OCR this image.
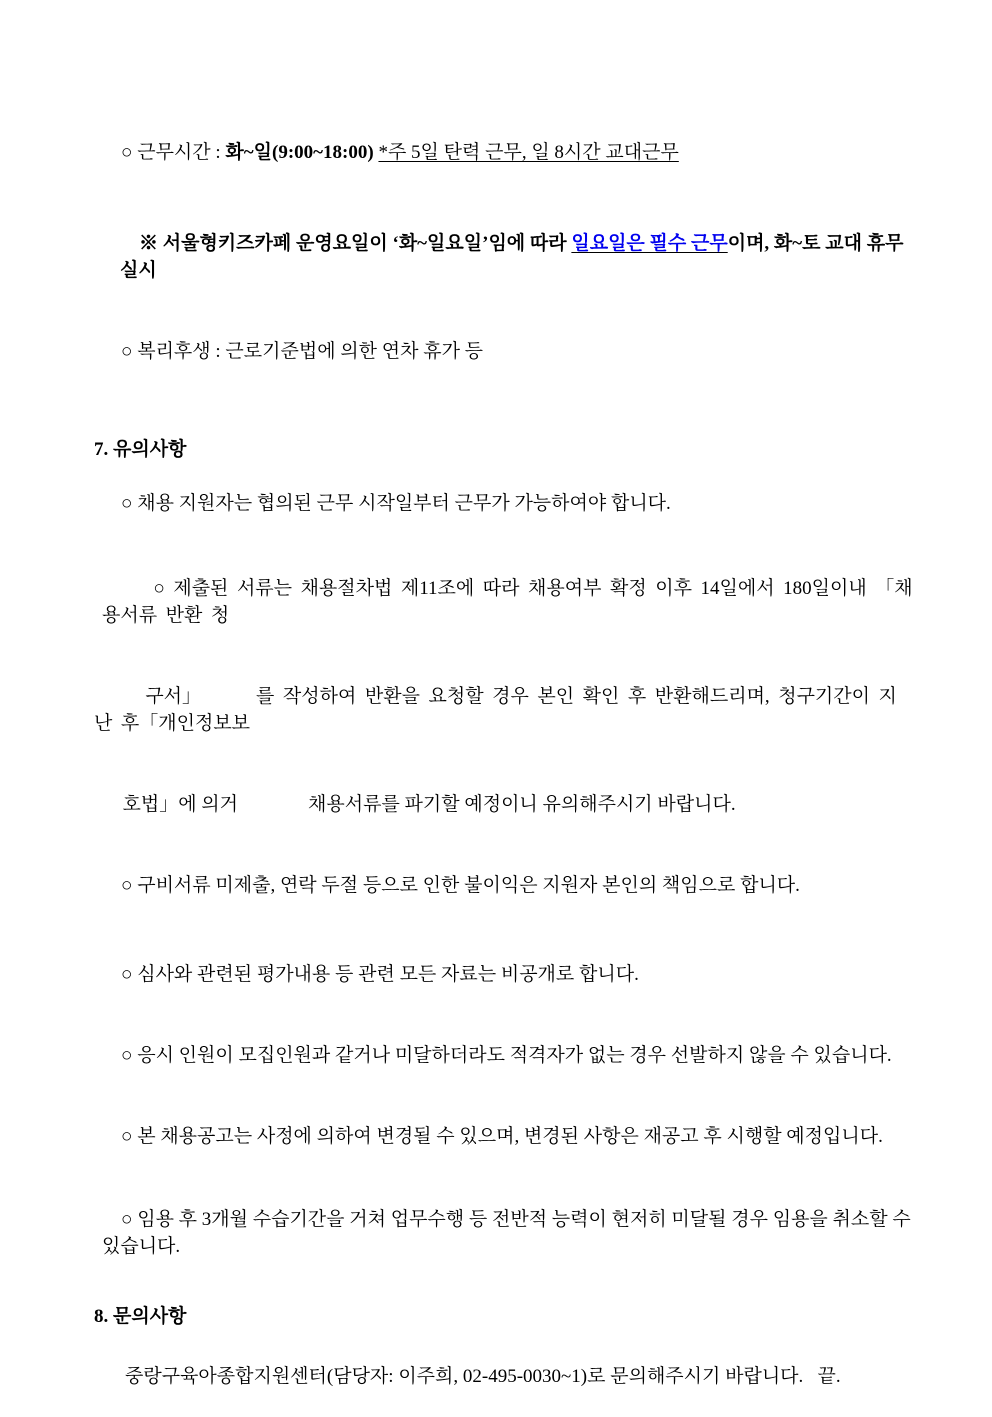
○ 근무시간 : 화~일(9:00~18:00) *주 5일 탄력 근무, 일 8시간 교대근무

※ 서울형키즈카페 운영요일이 ‘화~일요일’임에 따라 일요일은 필수 근무이며, 화~토 교대 휴무 실시

○ 복리후생 : 근로기준법에 의한 연차 휴가 등

7. 유의사항

○ 채용 지원자는 협의된 근무 시작일부터 근무가 가능하여야 합니다.

○ 제출된 서류는 채용절차법 제11조에 따라 채용여부 확정 이후 14일에서 180일이내 「채용서류 반환 청

구서」	를 작성하여 반환을 요청할 경우 본인 확인 후 반환해드리며, 청구기간이 지난 후「개인정보보

호법」에 의거	채용서류를 파기할 예정이니 유의해주시기 바랍니다.

○ 구비서류 미제출, 연락 두절 등으로 인한 불이익은 지원자 본인의 책임으로 합니다.

○ 심사와 관련된 평가내용 등 관련 모든 자료는 비공개로 합니다.

○ 응시 인원이 모집인원과 같거나 미달하더라도 적격자가 없는 경우 선발하지 않을 수 있습니다.

○ 본 채용공고는 사정에 의하여 변경될 수 있으며, 변경된 사항은 재공고 후 시행할 예정입니다.

○ 임용 후 3개월 수습기간을 거쳐 업무수행 등 전반적 능력이 현저히 미달될 경우 임용을 취소할 수 있습니다.

8. 문의사항

중랑구육아종합지원센터(담당자: 이주희, 02-495-0030~1)로 문의해주시기 바랍니다.   끝.
